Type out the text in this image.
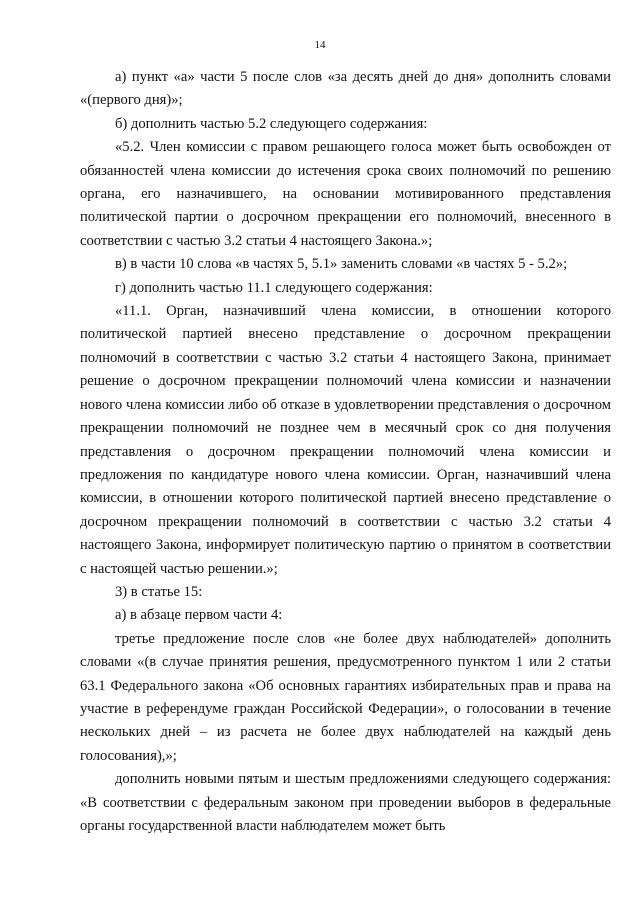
14

а) пункт «а» части 5 после слов «за десять дней до дня» дополнить словами «(первого дня)»;

б) дополнить частью 5.2 следующего содержания:

«5.2. Член комиссии с правом решающего голоса может быть освобожден от обязанностей члена комиссии до истечения срока своих полномочий по решению органа, его назначившего, на основании мотивированного представления политической партии о досрочном прекращении его полномочий, внесенного в соответствии с частью 3.2 статьи 4 настоящего Закона.»;

в) в части 10 слова «в частях 5, 5.1» заменить словами «в частях 5 - 5.2»;

г) дополнить частью 11.1 следующего содержания:

«11.1. Орган, назначивший члена комиссии, в отношении которого политической партией внесено представление о досрочном прекращении полномочий в соответствии с частью 3.2 статьи 4 настоящего Закона, принимает решение о досрочном прекращении полномочий члена комиссии и назначении нового члена комиссии либо об отказе в удовлетворении представления о досрочном прекращении полномочий не позднее чем в месячный срок со дня получения представления о досрочном прекращении полномочий члена комиссии и предложения по кандидатуре нового члена комиссии. Орган, назначивший члена комиссии, в отношении которого политической партией внесено представление о досрочном прекращении полномочий в соответствии с частью 3.2 статьи 4 настоящего Закона, информирует политическую партию о принятом в соответствии с настоящей частью решении.»;

3) в статье 15:

а) в абзаце первом части 4:

третье предложение после слов «не более двух наблюдателей» дополнить словами «(в случае принятия решения, предусмотренного пунктом 1 или 2 статьи 63.1 Федерального закона «Об основных гарантиях избирательных прав и права на участие в референдуме граждан Российской Федерации», о голосовании в течение нескольких дней – из расчета не более двух наблюдателей на каждый день голосования),»;

дополнить новыми пятым и шестым предложениями следующего содержания: «В соответствии с федеральным законом при проведении выборов в федеральные органы государственной власти наблюдателем может быть
